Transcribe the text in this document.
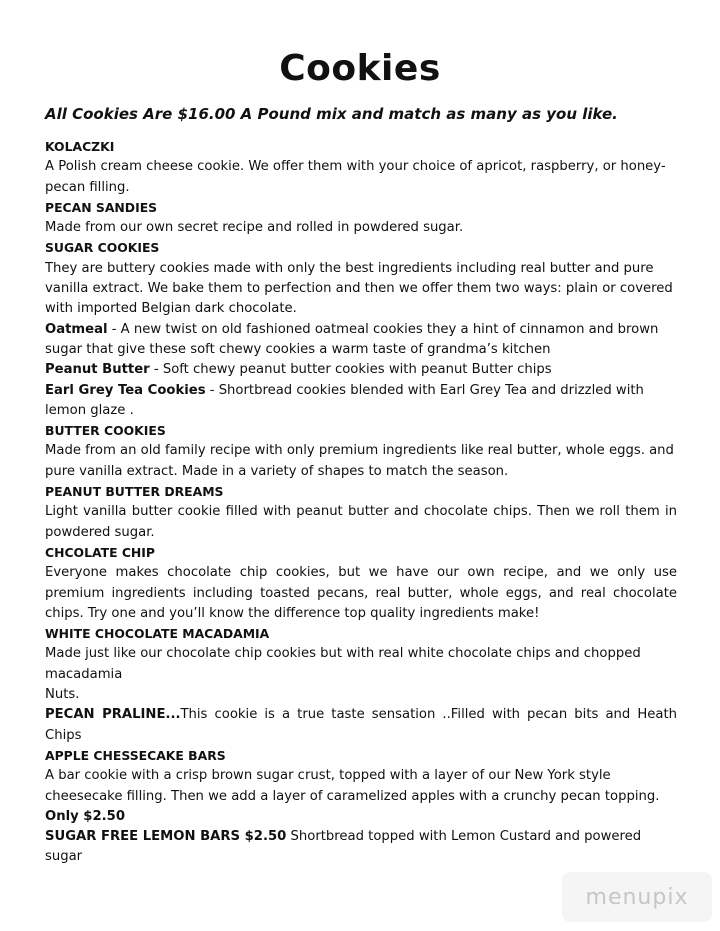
Cookies
All Cookies Are $16.00 A Pound mix and match as many as you like.

KOLACZKI

A Polish cream cheese cookie. We offer them with your choice of apricot, raspberry, or honey-pecan filling.

PECAN SANDIES

Made from our own secret recipe and rolled in powdered sugar.

SUGAR COOKIES

They are buttery cookies made with only the best ingredients including real butter and pure vanilla extract. We bake them to perfection and then we offer them two ways: plain or covered with imported Belgian dark chocolate.

Oatmeal - A new twist on old fashioned oatmeal cookies they a hint of cinnamon and brown sugar that give these soft chewy cookies a warm taste of grandma’s kitchen

Peanut Butter - Soft chewy peanut butter cookies with peanut Butter chips

Earl Grey Tea Cookies - Shortbread cookies blended with Earl Grey Tea and drizzled with lemon glaze .

BUTTER COOKIES

Made from an old family recipe with only premium ingredients like real butter, whole eggs. and pure vanilla extract. Made in a variety of shapes to match the season.

PEANUT BUTTER DREAMS

Light vanilla butter cookie filled with peanut butter and chocolate chips. Then we roll them in powdered sugar.

CHCOLATE CHIP

Everyone makes chocolate chip cookies, but we have our own recipe, and we only use premium ingredients including toasted pecans, real butter, whole eggs, and real chocolate chips. Try one and you’ll know the difference top quality ingredients make!

WHITE CHOCOLATE MACADAMIA

Made just like our chocolate chip cookies but with real white chocolate chips and chopped macadamia

Nuts.

PECAN PRALINE...This cookie is a true taste sensation ..Filled with pecan bits and Heath Chips

APPLE CHESSECAKE BARS

A bar cookie with a crisp brown sugar crust, topped with a layer of our New York style cheesecake filling. Then we add a layer of caramelized apples with a crunchy pecan topping.

Only $2.50

SUGAR FREE LEMON BARS $2.50 Shortbread topped with Lemon Custard and powered sugar

menupix
